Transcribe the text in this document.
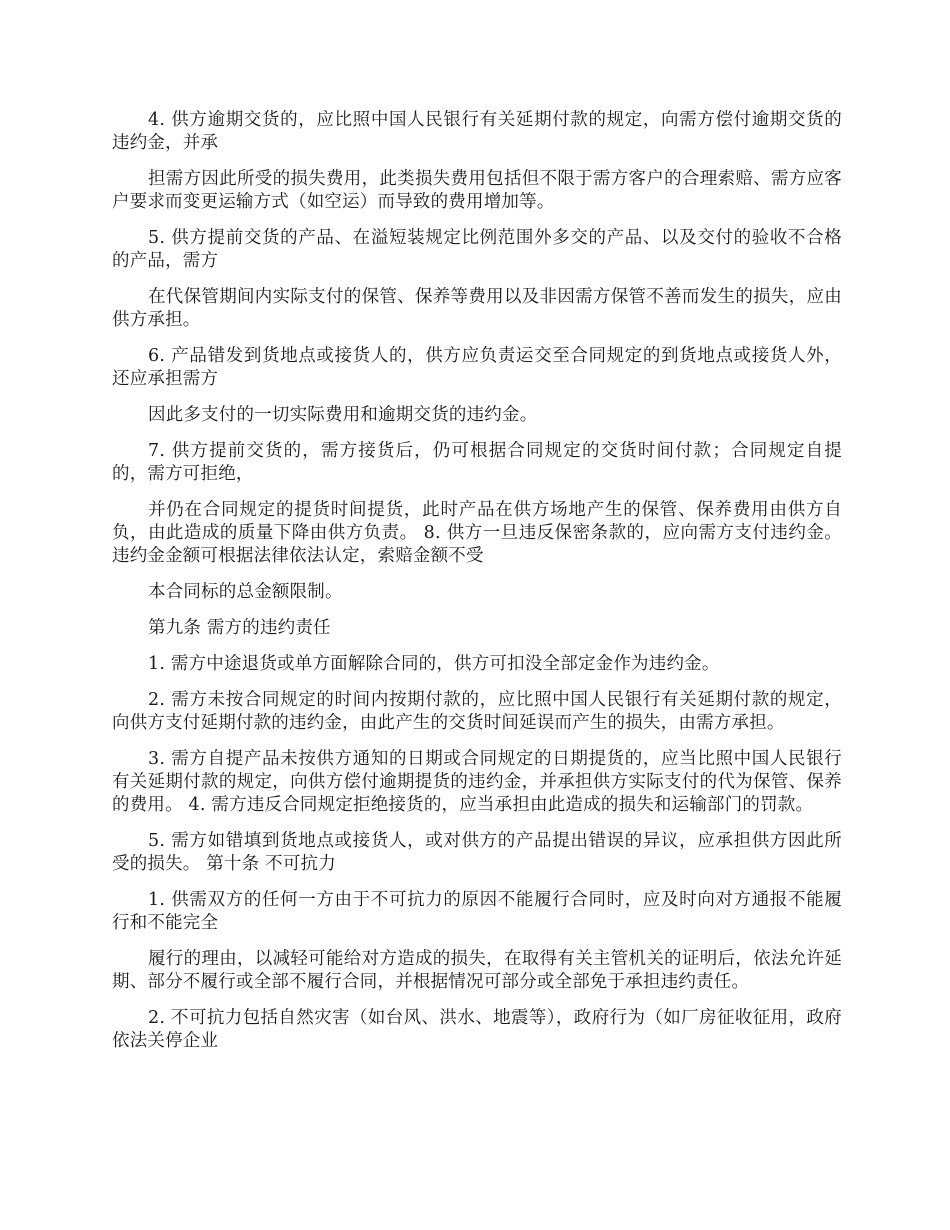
4. 供方逾期交货的，应比照中国人民银行有关延期付款的规定，向需方偿付逾期交货的违约金，并承

担需方因此所受的损失费用，此类损失费用包括但不限于需方客户的合理索赔、需方应客户要求而变更运输方式（如空运）而导致的费用增加等。

5. 供方提前交货的产品、在溢短装规定比例范围外多交的产品、以及交付的验收不合格的产品，需方

在代保管期间内实际支付的保管、保养等费用以及非因需方保管不善而发生的损失，应由供方承担。

6. 产品错发到货地点或接货人的，供方应负责运交至合同规定的到货地点或接货人外，还应承担需方

因此多支付的一切实际费用和逾期交货的违约金。

7. 供方提前交货的，需方接货后，仍可根据合同规定的交货时间付款；合同规定自提的，需方可拒绝，

并仍在合同规定的提货时间提货，此时产品在供方场地产生的保管、保养费用由供方自负，由此造成的质量下降由供方负责。 8. 供方一旦违反保密条款的，应向需方支付违约金。违约金金额可根据法律依法认定，索赔金额不受

本合同标的总金额限制。

第九条 需方的违约责任

1. 需方中途退货或单方面解除合同的，供方可扣没全部定金作为违约金。

2. 需方未按合同规定的时间内按期付款的，应比照中国人民银行有关延期付款的规定，向供方支付延期付款的违约金，由此产生的交货时间延误而产生的损失，由需方承担。

3. 需方自提产品未按供方通知的日期或合同规定的日期提货的，应当比照中国人民银行有关延期付款的规定，向供方偿付逾期提货的违约金，并承担供方实际支付的代为保管、保养的费用。 4. 需方违反合同规定拒绝接货的，应当承担由此造成的损失和运输部门的罚款。

5. 需方如错填到货地点或接货人，或对供方的产品提出错误的异议，应承担供方因此所受的损失。 第十条 不可抗力

1. 供需双方的任何一方由于不可抗力的原因不能履行合同时，应及时向对方通报不能履行和不能完全

履行的理由，以减轻可能给对方造成的损失，在取得有关主管机关的证明后，依法允许延期、部分不履行或全部不履行合同，并根据情况可部分或全部免于承担违约责任。

2. 不可抗力包括自然灾害（如台风、洪水、地震等），政府行为（如厂房征收征用，政府依法关停企业
